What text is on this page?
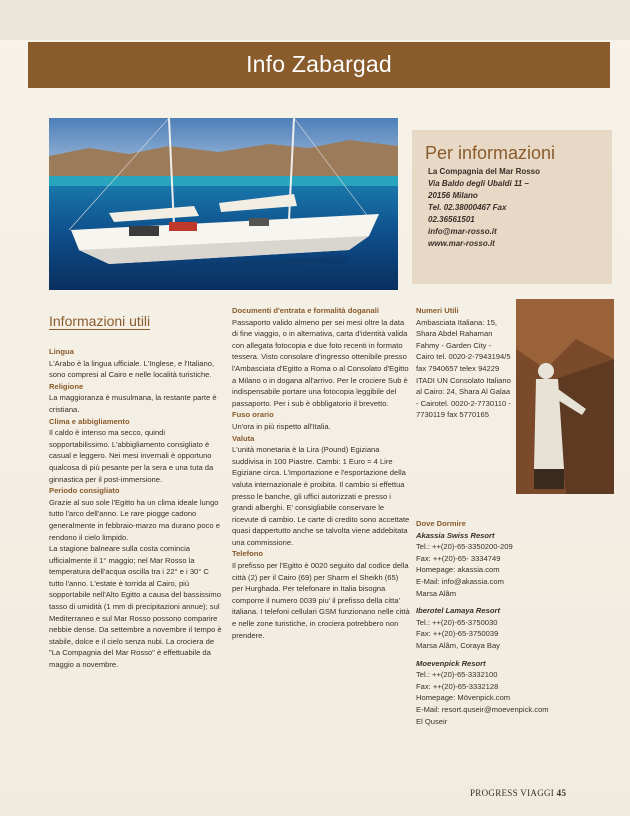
Info Zabargad
Per informazioni
La Compagnia del Mar Rosso
Via Baldo degli Ubaldi 11 –
20156 Milano
Tel. 02.38000467 Fax
02.36561501
info@mar-rosso.it
www.mar-rosso.it
Informazioni utili

Lingua

L'Arabo è la lingua ufficiale. L'Inglese, e l'Italiano, sono compresi al Cairo e nelle località turistiche.

Religione

La maggioranza è musulmana, la restante parte è cristiana.

Clima e abbigliamento

Il caldo è intenso ma secco, quindi sopportabilissimo. L'abbigliamento consigliato è casual e leggero. Nei mesi invernali è opportuno qualcosa di più pesante per la sera e una tuta da ginnastica per il post-immersione.

Periodo consigliato

Grazie al suo sole l'Egitto ha un clima ideale lungo tutto l'arco dell'anno. Le rare piogge cadono generalmente in febbraio-marzo ma durano poco e rendono il cielo limpido.

La stagione balneare sulla costa comincia ufficialmente il 1° maggio; nel Mar Rosso la temperatura dell'acqua oscilla tra i 22° e i 30° C tutto l'anno. L'estate è torrida al Cairo, più sopportabile nell'Alto Egitto a causa del bassissimo tasso di umidità (1 mm di precipitazioni annue); sul Mediterraneo e sul Mar Rosso possono comparire nebbie dense. Da settembre a novembre il tempo è stabile, dolce e il cielo senza nubi. La crociera de "La Compagnia del Mar Rosso" è effettuabile da maggio a novembre.

Documenti d'entrata e formalità doganali

Passaporto valido almeno per sei mesi oltre la data di fine viaggio, o in alternativa, carta d'identità valida con allegata fotocopia e due foto recenti in formato tessera. Visto consolare d'ingresso ottenibile presso l'Ambasciata d'Egitto a Roma o al Consolato d'Egitto a Milano o in dogana all'arrivo. Per le crociere Sub è indispensabile portare una fotocopia leggibile del passaporto. Per i sub è obbligatorio il brevetto.

Fuso orario

Un'ora in più rispetto all'Italia.

Valuta

L'unità monetaria è la Lira (Pound) Egiziana suddivisa in 100 Piastre. Cambi: 1 Euro = 4 Lire Egiziane circa. L'importazione e l'esportazione della valuta internazionale è proibita. Il cambio si effettua presso le banche, gli uffici autorizzati e presso i grandi alberghi. E' consigliabile conservare le ricevute di cambio. Le carte di credito sono accettate quasi dappertutto anche se talvolta viene addebitata una commissione.

Telefono

Il prefisso per l'Egitto è 0020 seguito dal codice della città (2) per il Cairo (69) per Sharm el Sheikh (65) per Hurghada. Per telefonare in Italia bisogna comporre il numero 0039 piu' il prefisso della citta' italiana. I telefoni cellulari GSM funzionano nelle città e nelle zone turistiche, in crociera potrebbero non prendere.

Numeri Utili

Ambasciata Italiana: 15, Shara Abdel Rahaman Fahmy - Garden City - Cairo tel. 0020-2-7943194/5 fax 7940657 telex 94229 ITADI UN Consolato Italiano al Cairo: 24, Shara Al Galaa - Cairotel. 0020-2-7730110 - 7730119 fax 5770165

Dove Dormire

Akassia Swiss Resort

Tel.: ++(20)-65-3350200-209

Fax: ++(20)-65- 3334749

Homepage: akassia.com

E-Mail: info@akassia.com

Marsa Alâm

Iberotel Lamaya Resort

Tel.: ++(20)-65-3750030

Fax: ++(20)-65-3750039

Marsa Alâm, Coraya Bay

Moevenpick Resort

Tel.: ++(20)-65-3332100

Fax: ++(20)-65-3332128

Homepage: Mövenpick.com

E-Mail: resort.quseir@moevenpick.com

El Quseir

PROGRESS VIAGGI 45
